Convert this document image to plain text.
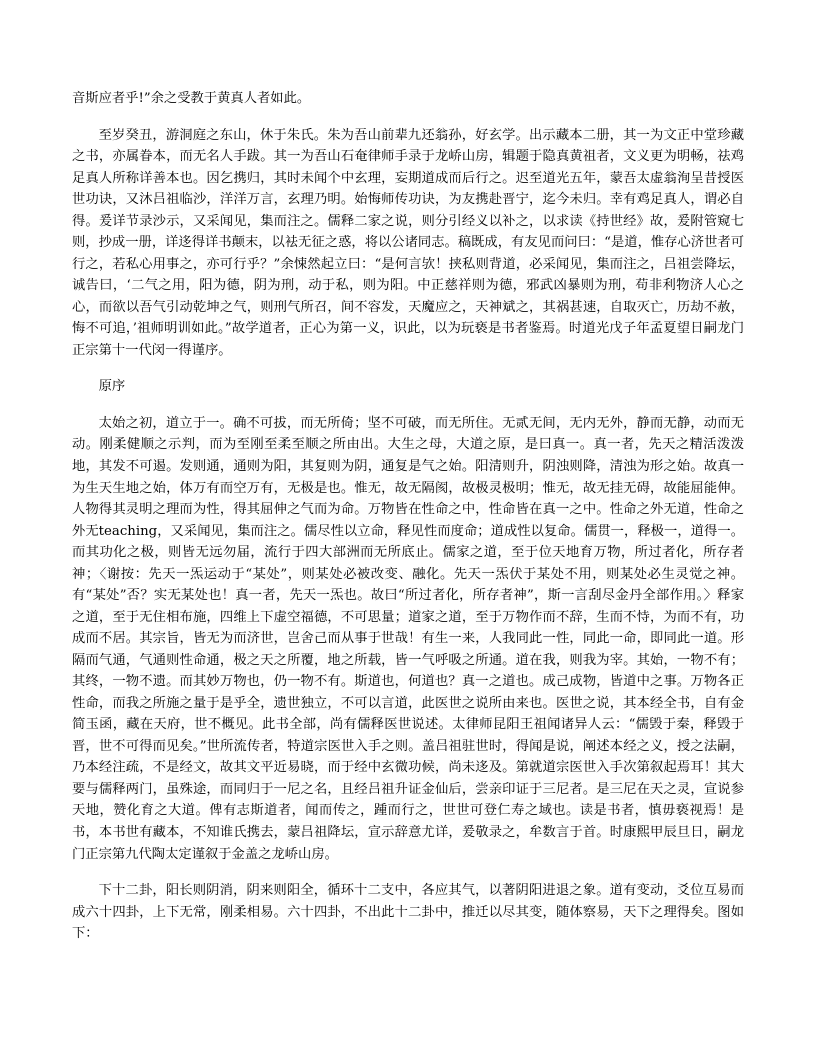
音斯应者乎!”余之受教于黄真人者如此。

至岁癸丑，游洞庭之东山，休于朱氏。朱为吾山前辈九还翁孙，好玄学。出示藏本二册，其一为文正中堂珍藏之书，亦属眷本，而无名人手跋。其一为吾山石奄律师手录于龙峤山房，辑题于隐真黄祖者，文义更为明畅，祛鸡足真人所称详善本也。因乞携归，其时未闻个中玄理，妄期道成而后行之。迟至道光五年，蒙吾太虚翁洵呈昔授医世功诀，又沐吕祖临沙，洋洋万言，玄理乃明。始悔师传功诀，为友携赴晋宁，迄今未归。幸有鸡足真人，谓必自得。爰详节录沙示，又采闻见，集而注之。儒释二家之说，则分引经义以补之，以求读《持世经》故，爰附管窥七则，抄成一册，详迻得详书颠末，以袪无征之惑，将以公诸同志。稿既成，有友见而问曰：“是道，惟存心济世者可行之，若私心用事之，亦可行乎？”余悚然起立曰：“是何言欤！挟私则背道，必采闻见，集而注之，吕祖尝降坛，诚告曰，‘二气之用，阳为德，阴为刑，动于私，则为阳。中正慈祥则为德，邪武凶暴则为刑，苟非利物济人心之心，而欲以吾气引动乾坤之气，则刑气所召，间不容发，天魔应之，天神斌之，其祸甚速，自取灭亡，历劫不赦，悔不可追，’祖师明训如此。”故学道者，正心为第一义，识此，以为玩亵是书者鉴焉。时道光戊子年孟夏望日嗣龙门正宗第十一代闵一得谨序。

原序

太始之初，道立于一。确不可拔，而无所倚；坚不可破，而无所住。无贰无间，无内无外，静而无静，动而无动。刚柔健顺之示判，而为至刚至柔至顺之所由出。大生之母，大道之原，是曰真一。真一者，先天之精活泼泼地，其发不可遏。发则通，通则为阳，其复则为阴，通复是气之始。阳清则升，阴浊则降，清浊为形之始。故真一为生天生地之始，体万有而空万有，无极是也。惟无，故无隔阂，故极灵极明；惟无，故无挂无碍，故能屈能伸。人物得其灵明之理而为性，得其屈伸之气而为命。万物皆在性命之中，性命皆在真一之中。性命之外无道，性命之外无teaching，又采闻见，集而注之。儒尽性以立命，释见性而度命；道成性以复命。儒贯一，释极一，道得一。而其功化之极，则皆无远勿届，流行于四大部洲而无所底止。儒家之道，至于位天地育万物，所过者化，所存者神；〈谢按：先天一炁运动于“某处”，则某处必被改变、融化。先天一炁伏于某处不用，则某处必生灵觉之神。有“某处”否？实无某处也！真一者，先天一炁也。故曰“所过者化，所存者神”，斯一言刮尽金丹全部作用。〉释家之道，至于无住相布施，四维上下虚空福德，不可思量；道家之道，至于万物作而不辞，生而不恃，为而不有，功成而不居。其宗旨，皆无为而济世，岂舍己而从事于世哉！有生一来，人我同此一性，同此一命，即同此一道。形隔而气通，气通则性命通，极之天之所覆，地之所载，皆一气呼吸之所通。道在我，则我为宰。其始，一物不有；其终，一物不遗。而其妙万物也，仍一物不有。斯道也，何道也？真一之道也。成己成物，皆道中之事。万物各正性命，而我之所施之量于是乎全，遗世独立，不可以言道，此医世之说所由来也。医世之说，其本经全书，自有金简玉函，藏在天府，世不概见。此书全部，尚有儒释医世说述。太律师昆阳王祖闻诸异人云：“儒毁于秦，释毁于晋，世不可得而见矣。”世所流传者，特道宗医世入手之则。盖吕祖驻世时，得闻是说，阐述本经之义，授之法嗣，乃本经注疏，不是经文，故其文平近易晓，而于经中玄微功候，尚未迻及。第就道宗医世入手次第叙起焉耳！其大要与儒释两门，虽殊途，而同归于一尼之名，且经吕祖升证金仙后，尝亲印证于三尼者。是三尼在天之灵，宣说参天地，赞化育之大道。俾有志斯道者，闻而传之，踵而行之，世世可登仁寿之域也。读是书者，慎毋亵视焉！是书，本书世有藏本，不知谁氏携去，蒙吕祖降坛，宣示辞意尤详，爰敬录之，牟数言于首。时康熙甲辰旦日，嗣龙门正宗第九代陶太定谨叙于金盖之龙峤山房。

下十二卦，阳长则阴消，阴来则阳全，循环十二支中，各应其气，以著阴阳进退之象。道有变动，爻位互易而成六十四卦，上下无常，刚柔相易。六十四卦，不出此十二卦中，推迁以尽其变，随体察易，天下之理得矣。图如下：
